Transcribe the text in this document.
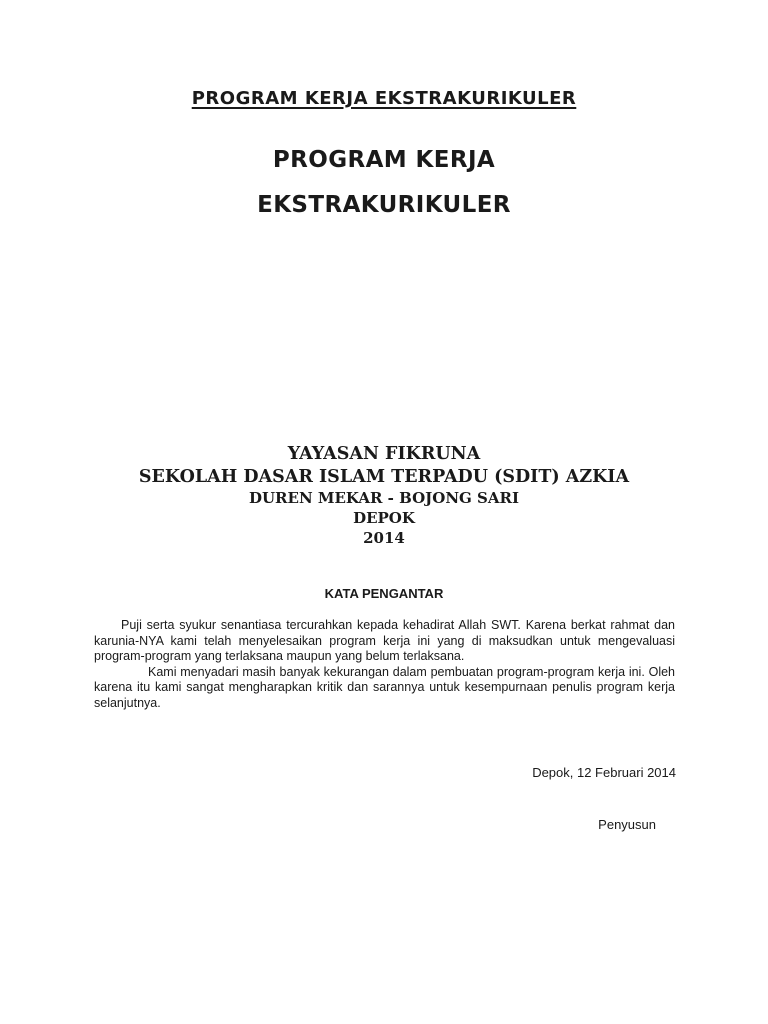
PROGRAM KERJA EKSTRAKURIKULER
PROGRAM KERJA
EKSTRAKURIKULER
YAYASAN FIKRUNA
SEKOLAH DASAR ISLAM TERPADU (SDIT) AZKIA
DUREN MEKAR - BOJONG SARI
DEPOK
2014
KATA PENGANTAR

Puji serta syukur senantiasa tercurahkan kepada kehadirat Allah SWT. Karena berkat rahmat dan karunia-NYA kami telah menyelesaikan program kerja ini yang di maksudkan untuk mengevaluasi program-program yang terlaksana maupun yang belum terlaksana.

Kami menyadari masih banyak kekurangan dalam pembuatan program-program kerja ini. Oleh karena itu kami sangat mengharapkan kritik dan sarannya untuk kesempurnaan penulis program kerja selanjutnya.

Depok, 12 Februari 2014
Penyusun
